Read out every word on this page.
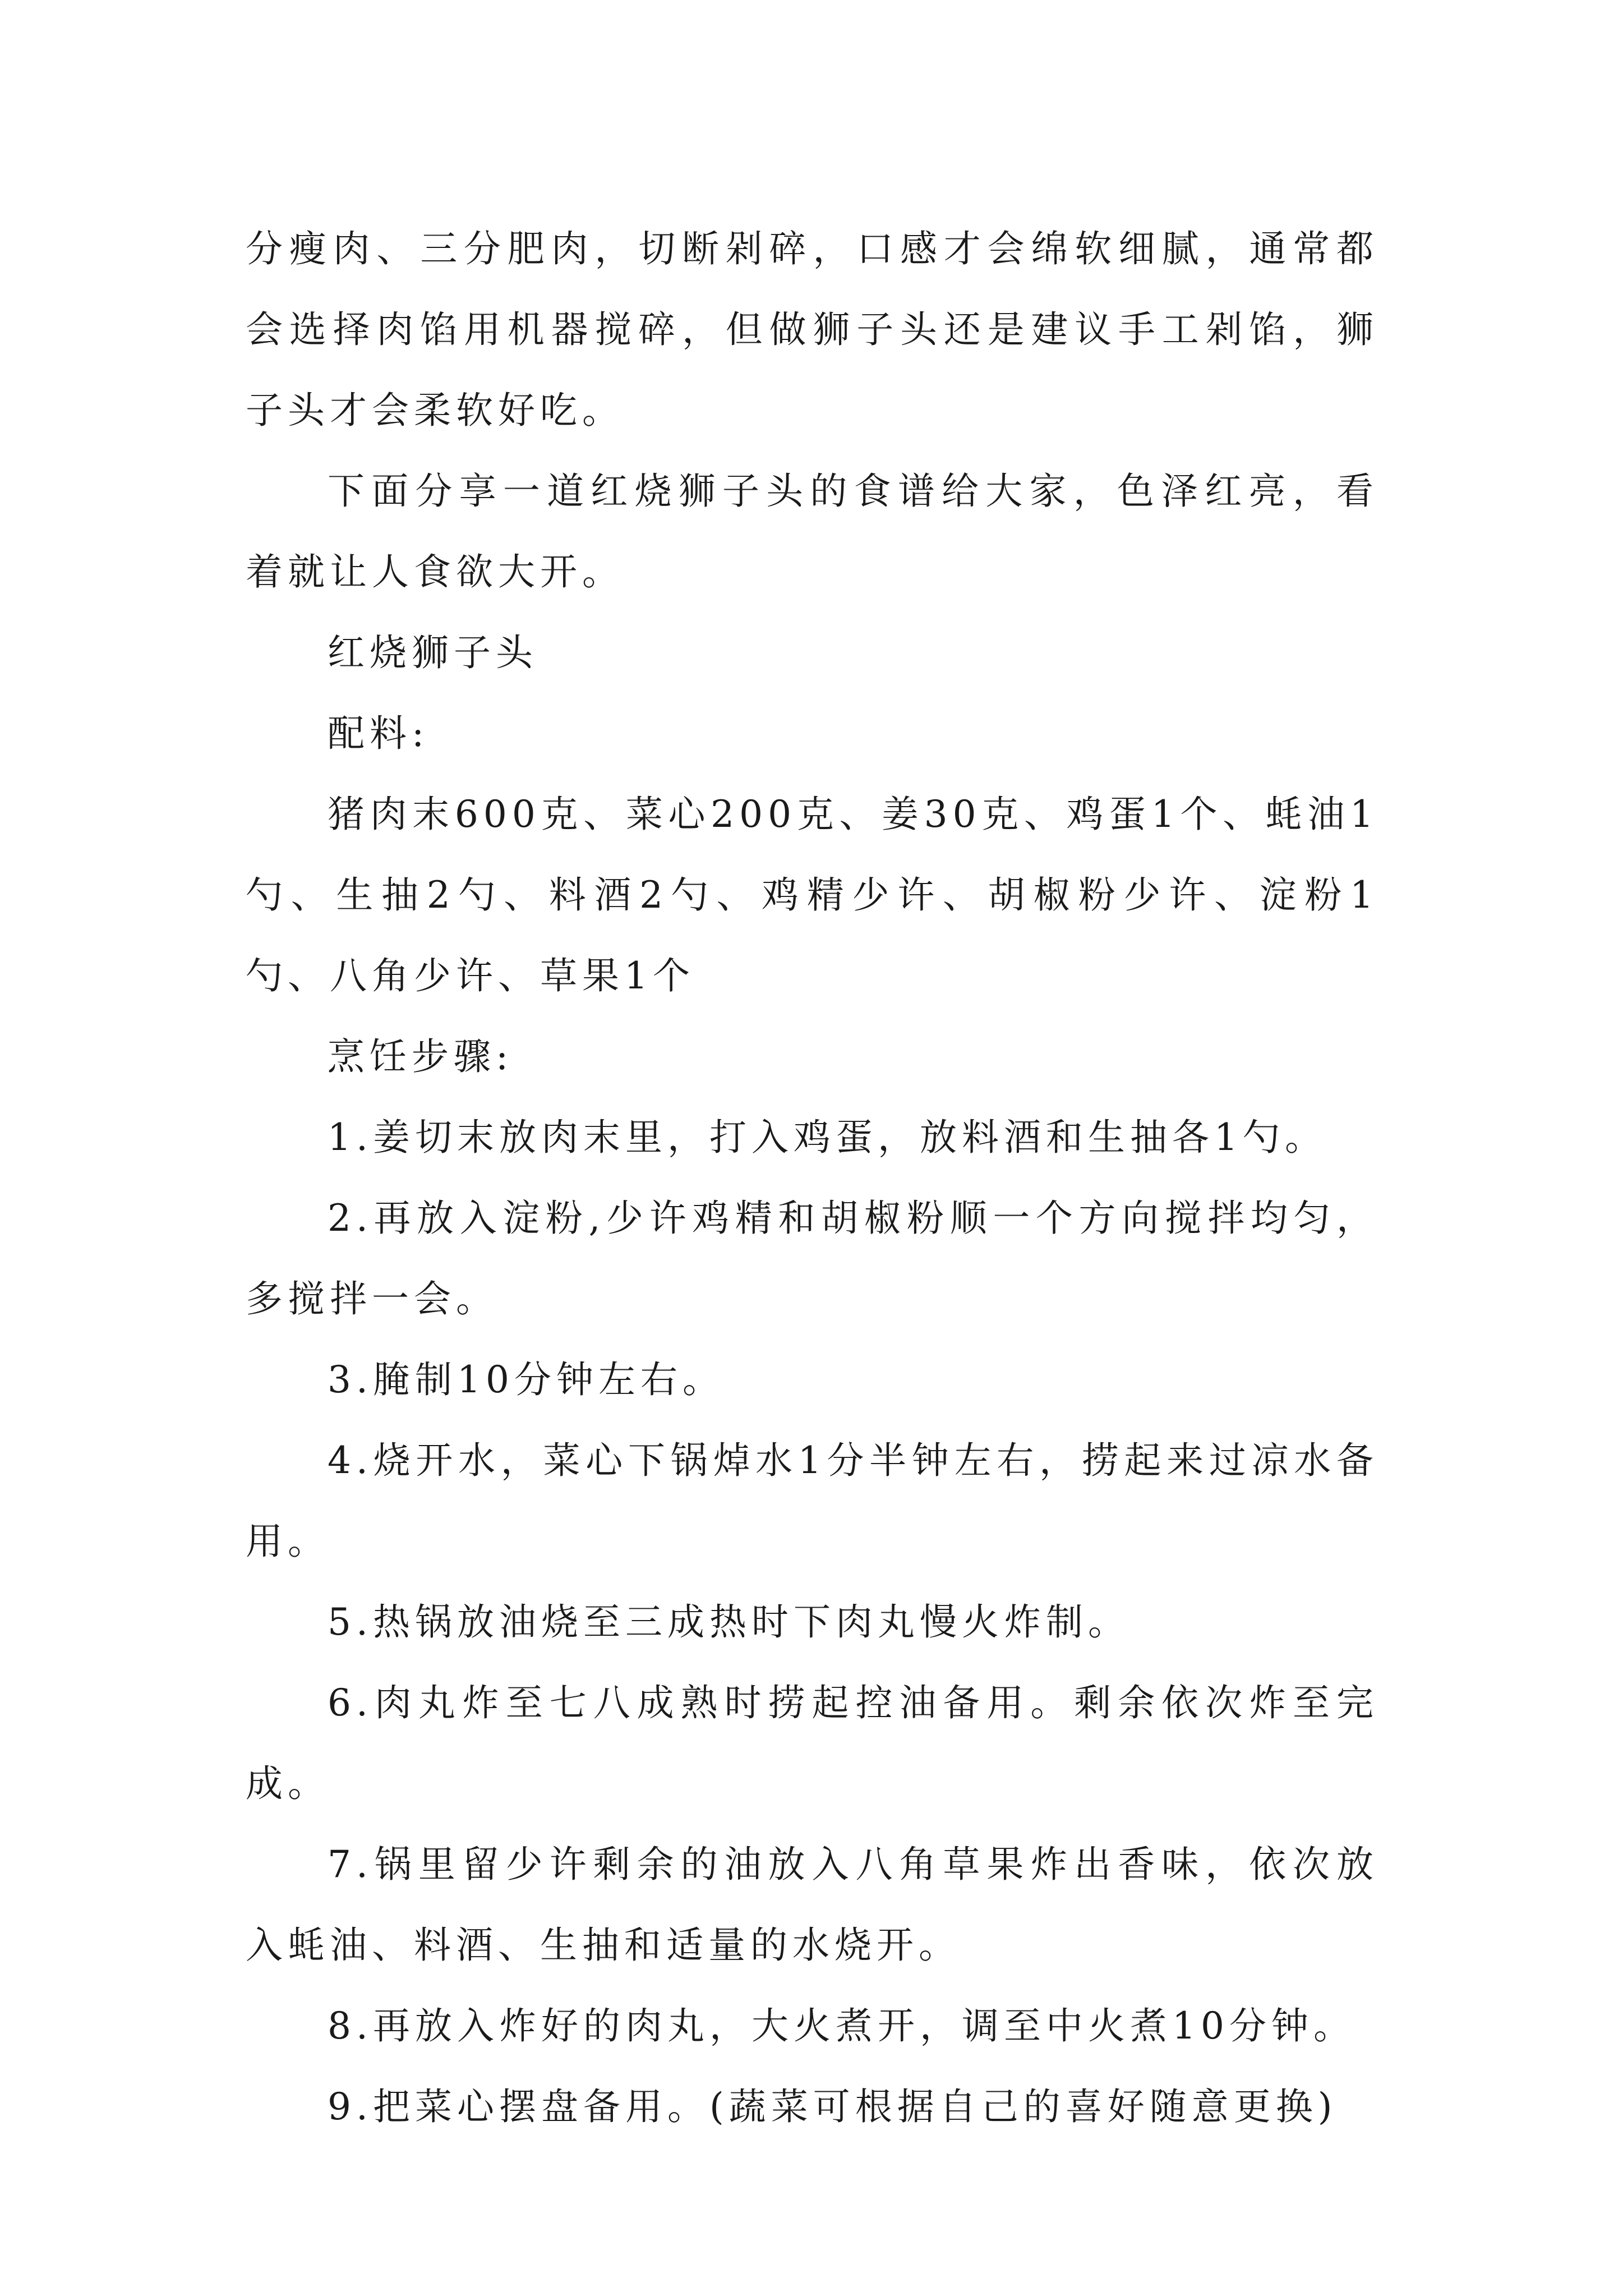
分瘦肉、三分肥肉，切断剁碎，口感才会绵软细腻，通常都会选择肉馅用机器搅碎，但做狮子头还是建议手工剁馅，狮子头才会柔软好吃。

下面分享一道红烧狮子头的食谱给大家，色泽红亮，看着就让人食欲大开。

红烧狮子头

配料:

猪肉末600克、菜心200克、姜30克、鸡蛋1个、蚝油1勺、生抽2勺、料酒2勺、鸡精少许、胡椒粉少许、淀粉1勺、八角少许、草果1个

烹饪步骤:

1.姜切末放肉末里，打入鸡蛋，放料酒和生抽各1勺。

2.再放入淀粉,少许鸡精和胡椒粉顺一个方向搅拌均匀，多搅拌一会。

3.腌制10分钟左右。

4.烧开水，菜心下锅焯水1分半钟左右，捞起来过凉水备用。

5.热锅放油烧至三成热时下肉丸慢火炸制。

6.肉丸炸至七八成熟时捞起控油备用。剩余依次炸至完成。

7.锅里留少许剩余的油放入八角草果炸出香味，依次放入蚝油、料酒、生抽和适量的水烧开。

8.再放入炸好的肉丸，大火煮开，调至中火煮10分钟。

9.把菜心摆盘备用。(蔬菜可根据自己的喜好随意更换)
